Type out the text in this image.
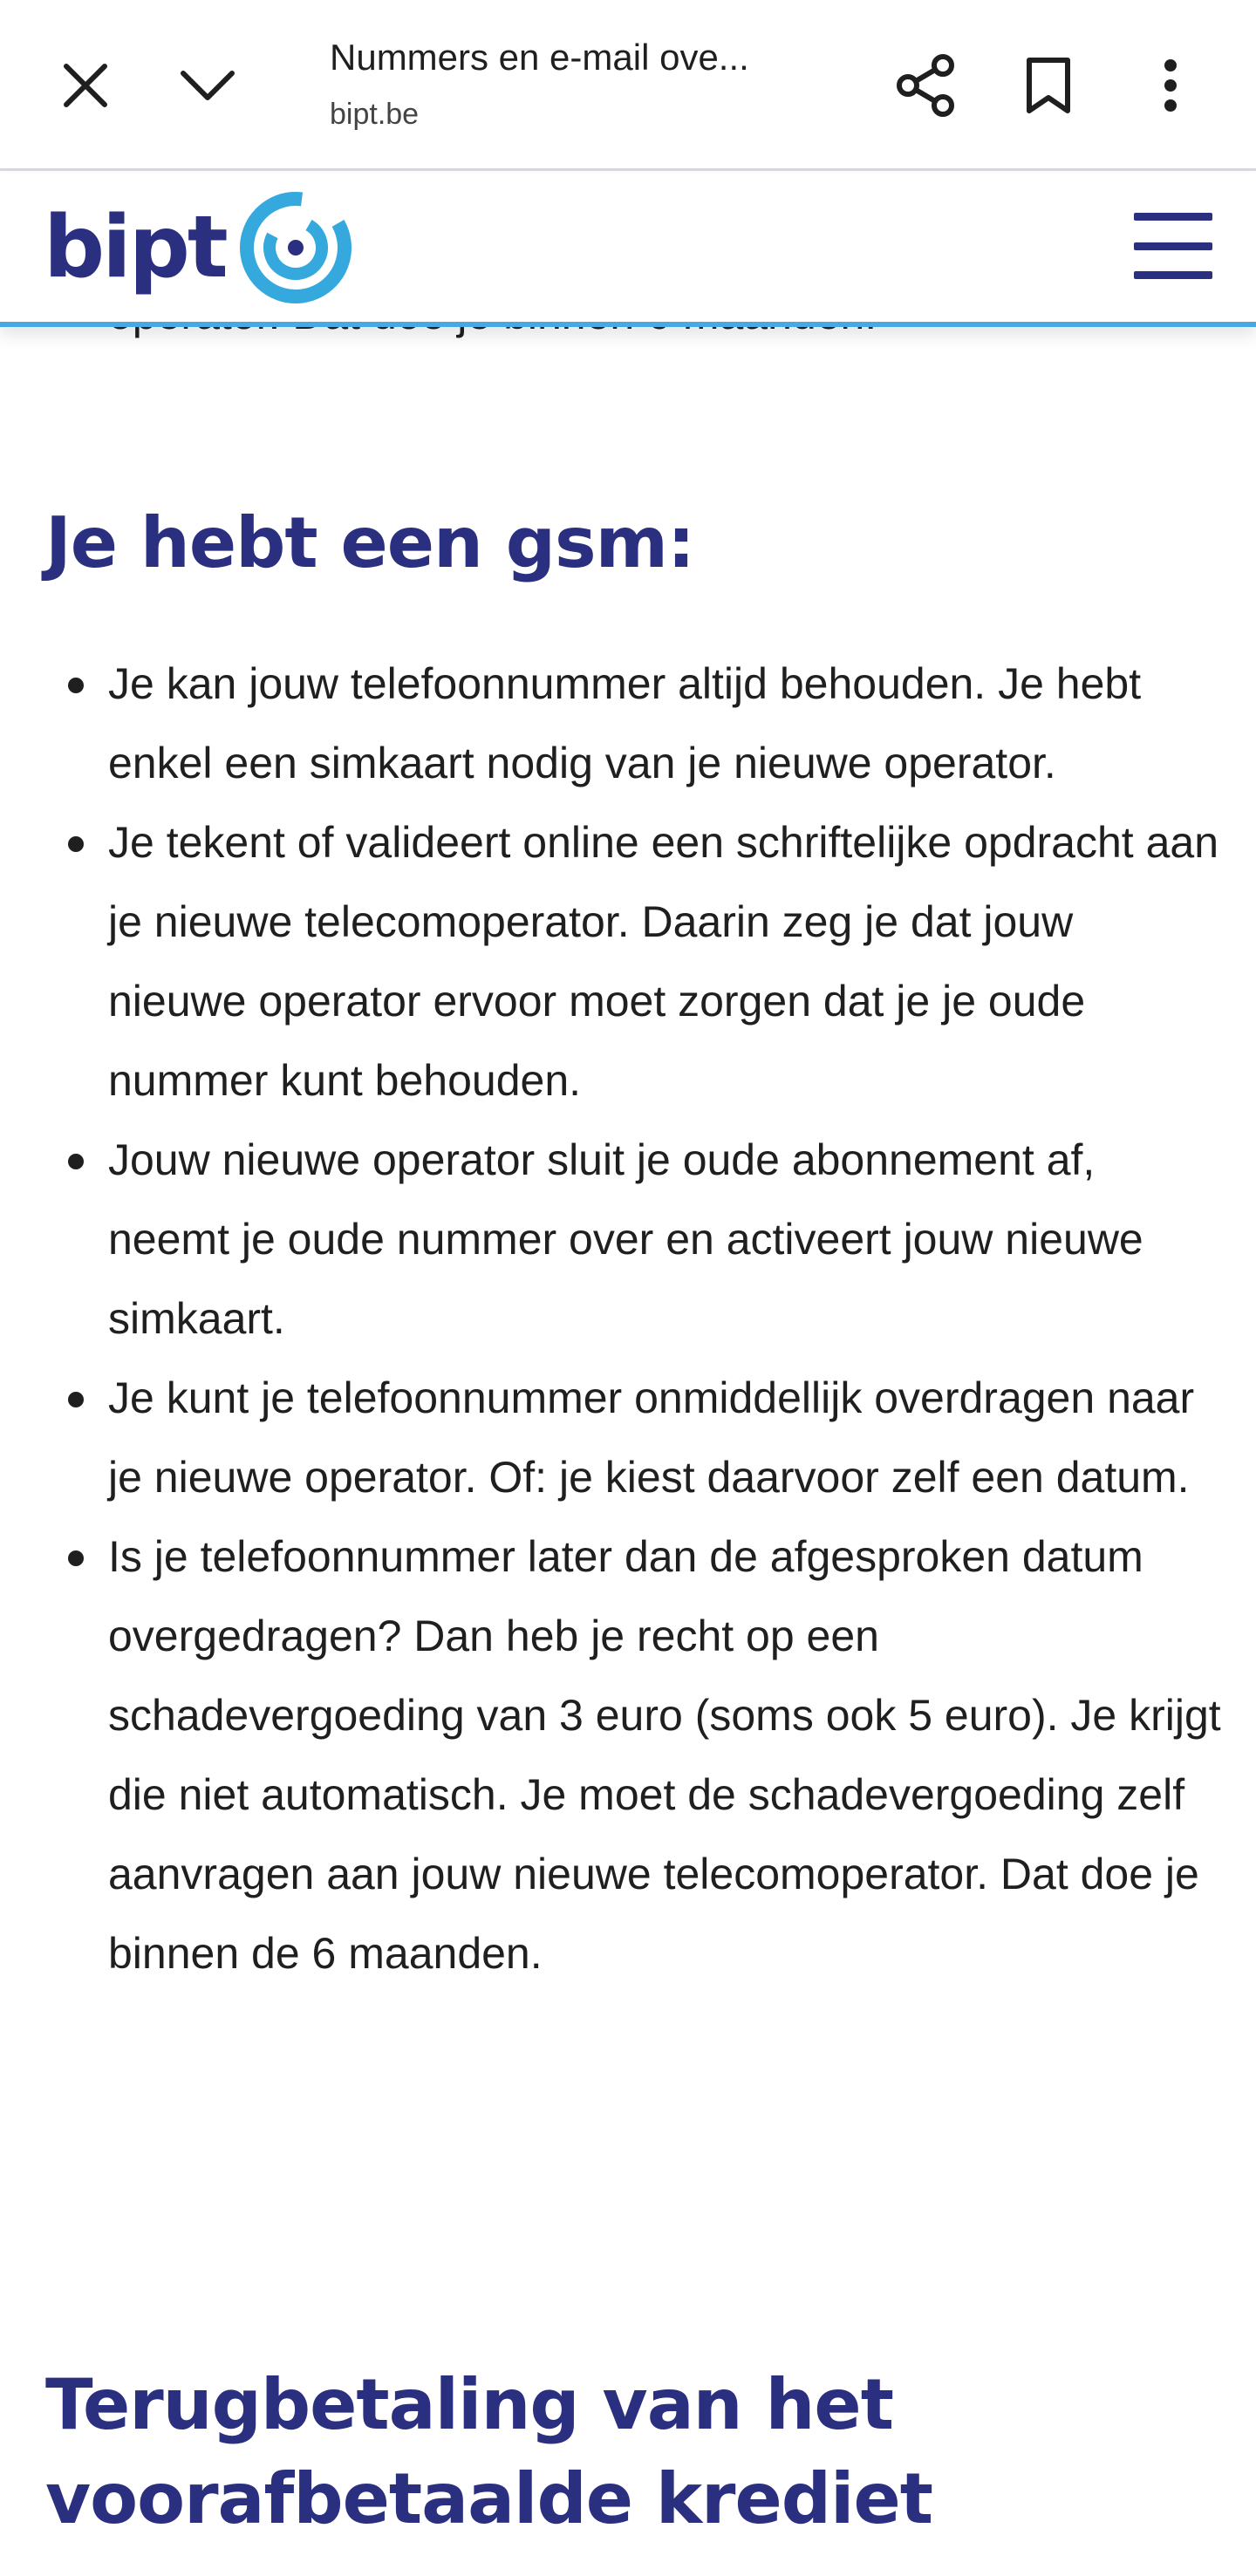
Nummers en e-mail ove...
bipt.be
Je hebt een gsm:
Je kan jouw telefoonnummer altijd behouden. Je hebt enkel een simkaart nodig van je nieuwe operator.
Je tekent of valideert online een schriftelijke opdracht aan je nieuwe telecomoperator. Daarin zeg je dat jouw nieuwe operator ervoor moet zorgen dat je je oude nummer kunt behouden.
Jouw nieuwe operator sluit je oude abonnement af, neemt je oude nummer over en activeert jouw nieuwe simkaart.
Je kunt je telefoonnummer onmiddellijk overdragen naar je nieuwe operator. Of: je kiest daarvoor zelf een datum.
Is je telefoonnummer later dan de afgesproken datum overgedragen? Dan heb je recht op een schadevergoeding van 3 euro (soms ook 5 euro). Je krijgt die niet automatisch. Je moet de schadevergoeding zelf aanvragen aan jouw nieuwe telecomoperator. Dat doe je binnen de 6 maanden.
Terugbetaling van het voorafbetaalde krediet
bipt
